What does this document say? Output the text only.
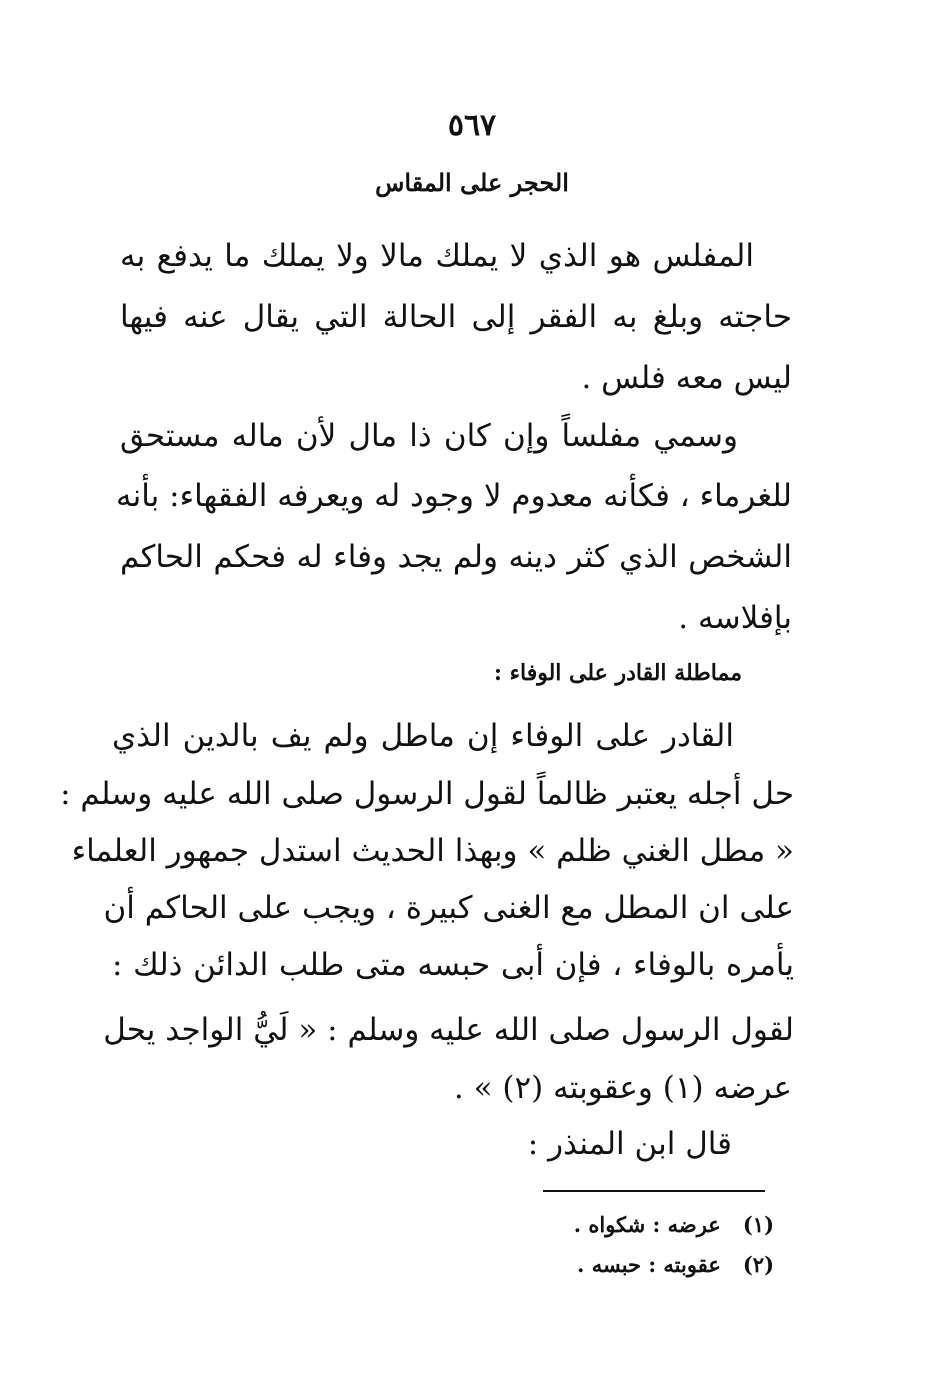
٥٦٧
الحجر على المقاس
المفلس هو الذي لا يملك مالا ولا يملك ما يدفع به
حاجته وبلغ به الفقر إلى الحالة التي يقال عنه فيها
ليس معه فلس .
وسمي مفلساً وإن كان ذا مال لأن ماله مستحق
للغرماء ، فكأنه معدوم لا وجود له ويعرفه الفقهاء: بأنه
الشخص الذي كثر دينه ولم يجد وفاء له فحكم الحاكم
بإفلاسه .
مماطلة القادر على الوفاء :
القادر على الوفاء إن ماطل ولم يف بالدين الذي
حل أجله يعتبر ظالماً لقول الرسول صلى الله عليه وسلم :
« مطل الغني ظلم » وبهذا الحديث استدل جمهور العلماء
على ان المطل مع الغنى كبيرة ، ويجب على الحاكم أن
يأمره بالوفاء ، فإن أبى حبسه متى طلب الدائن ذلك :
لقول الرسول صلى الله عليه وسلم : « لَيُّ الواجد يحل
عرضه (١) وعقوبته (٢) » .
قال ابن المنذر :
(١)عرضه : شكواه .
(٢)عقوبته : حبسه .
